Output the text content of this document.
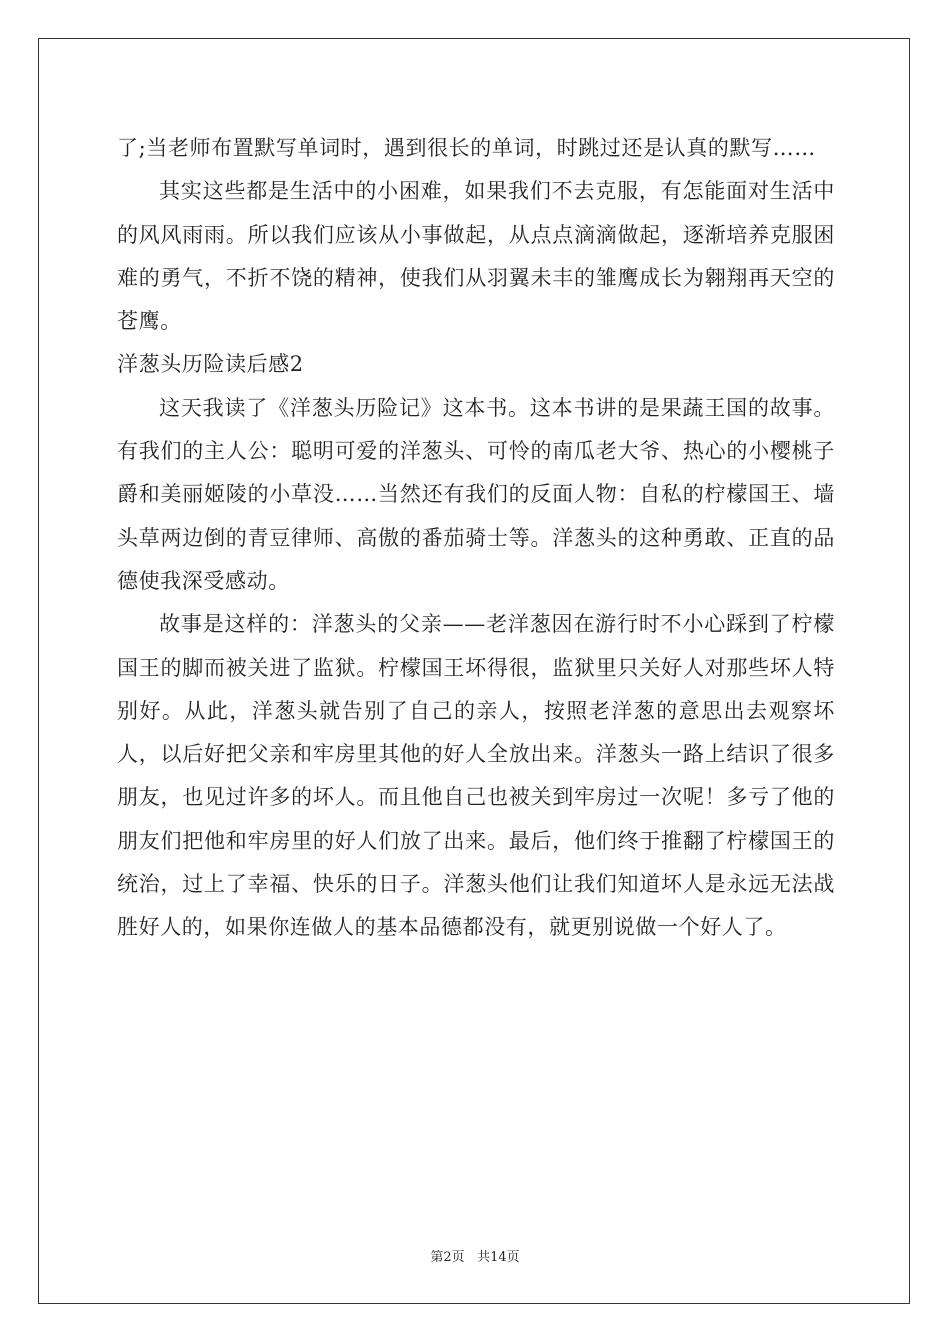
了;当老师布置默写单词时，遇到很长的单词，时跳过还是认真的默写……

其实这些都是生活中的小困难，如果我们不去克服，有怎能面对生活中的风风雨雨。所以我们应该从小事做起，从点点滴滴做起，逐渐培养克服困难的勇气，不折不饶的精神，使我们从羽翼未丰的雏鹰成长为翱翔再天空的苍鹰。

洋葱头历险读后感2

这天我读了《洋葱头历险记》这本书。这本书讲的是果蔬王国的故事。有我们的主人公：聪明可爱的洋葱头、可怜的南瓜老大爷、热心的小樱桃子爵和美丽姬陵的小草没……当然还有我们的反面人物：自私的柠檬国王、墙头草两边倒的青豆律师、高傲的番茄骑士等。洋葱头的这种勇敢、正直的品德使我深受感动。

故事是这样的：洋葱头的父亲——老洋葱因在游行时不小心踩到了柠檬国王的脚而被关进了监狱。柠檬国王坏得很，监狱里只关好人对那些坏人特别好。从此，洋葱头就告别了自己的亲人，按照老洋葱的意思出去观察坏人，以后好把父亲和牢房里其他的好人全放出来。洋葱头一路上结识了很多朋友，也见过许多的坏人。而且他自己也被关到牢房过一次呢！多亏了他的朋友们把他和牢房里的好人们放了出来。最后，他们终于推翻了柠檬国王的统治，过上了幸福、快乐的日子。洋葱头他们让我们知道坏人是永远无法战胜好人的，如果你连做人的基本品德都没有，就更别说做一个好人了。

第2页 共14页
